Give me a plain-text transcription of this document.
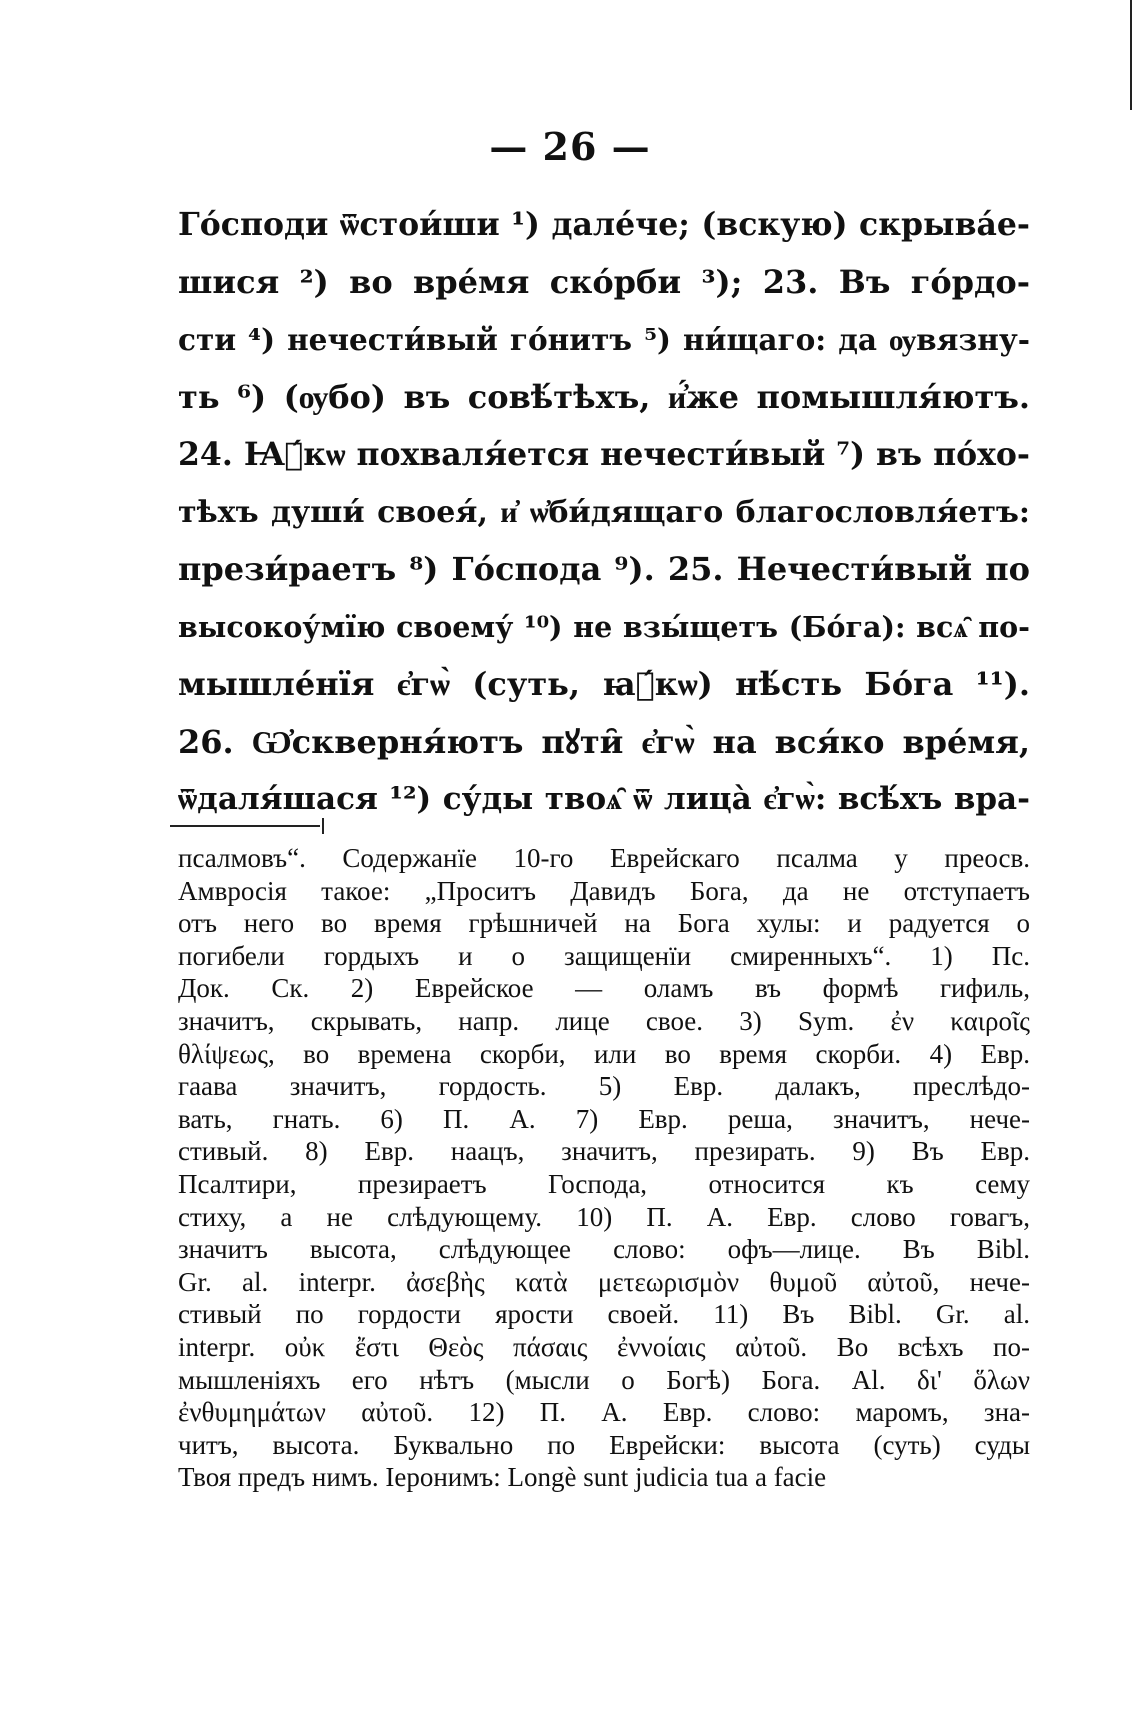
— 26 —
Го́споди ѿстои́ши ¹) дале́че; (вскую) скрыва́е-
шися ²) во вре́мя ско́рби ³); 23. Въ го́рдо-
сти ⁴) нечести́вый го́нитъ ⁵) ни́щаго: да ѹвязну-
ть ⁶) (ѹбо) въ совѣ́тѣхъ, и҆́же помышля́ютъ.
24. Ꙗ҆́кѡ похваля́ется нечести́вый ⁷) въ по́хо-
тѣхъ души́ своея́, и҆ ѡ҆би́дящаго благословля́етъ:
прези́раетъ ⁸) Го́спода ⁹). 25. Нечести́вый по
высокоу́мїю своему́ ¹⁰) не взы́щетъ (Бо́га): всѧ̑ по-
мышле́нїя є҆гѡ̀ (суть, ꙗ҆́кѡ) нѣ́сть Бо́га ¹¹).
26. Ѡ҆скверня́ютъ пꙋти̑ є҆гѡ̀ на вся́ко вре́мя,
ѿдаля́шася ¹²) су́ды твоѧ̑ ѿ лица̀ є҆гѡ̀: всѣ́хъ вра-
псалмовъ“. Содержанїе 10-го Еврейскаго псалма у преосв.
Амвросія такое: „Проситъ Давидъ Бога, да не отступаетъ
отъ него во время грѣшничей на Бога хулы: и радуется о
погибели гордыхъ и о защищенїи смиренныхъ“. 1) Пс.
Док. Ск. 2) Еврейское — оламъ въ формѣ гифиль,
значитъ, скрывать, напр. лице свое. 3) Sym. ἐν καιροῖς
θλίψεως, во времена скорби, или во время скорби. 4) Евр.
гаава значитъ, гордость. 5) Евр. далакъ, преслѣдо-
вать, гнать. 6) П. А. 7) Евр. реша, значитъ, нече-
стивый. 8) Евр. наацъ, значитъ, презирать. 9) Въ Евр.
Псалтири, презираетъ Господа, относится къ сему
стиху, а не слѣдующему. 10) П. А. Евр. слово говагъ,
значитъ высота, слѣдующее слово: офъ—лице. Въ Bibl.
Gr. al. interpr. ἀσεβὴς κατὰ μετεωρισμὸν θυμοῦ αὐτοῦ, нече-
стивый по гордости ярости своей. 11) Въ Bibl. Gr. al.
interpr. οὐκ ἔστι Θεὸς πάσαις ἐννοίαις αὐτοῦ. Во всѣхъ по-
мышленiяхъ его нѣтъ (мысли о Богѣ) Бога. Al. δι' ὅλων
ἐνθυμημάτων αὐτοῦ. 12) П. А. Евр. слово: маромъ, зна-
читъ, высота. Буквально по Еврейски: высота (суть) суды
Твоя предъ нимъ. Iеронимъ: Longè sunt judicia tua a facie
